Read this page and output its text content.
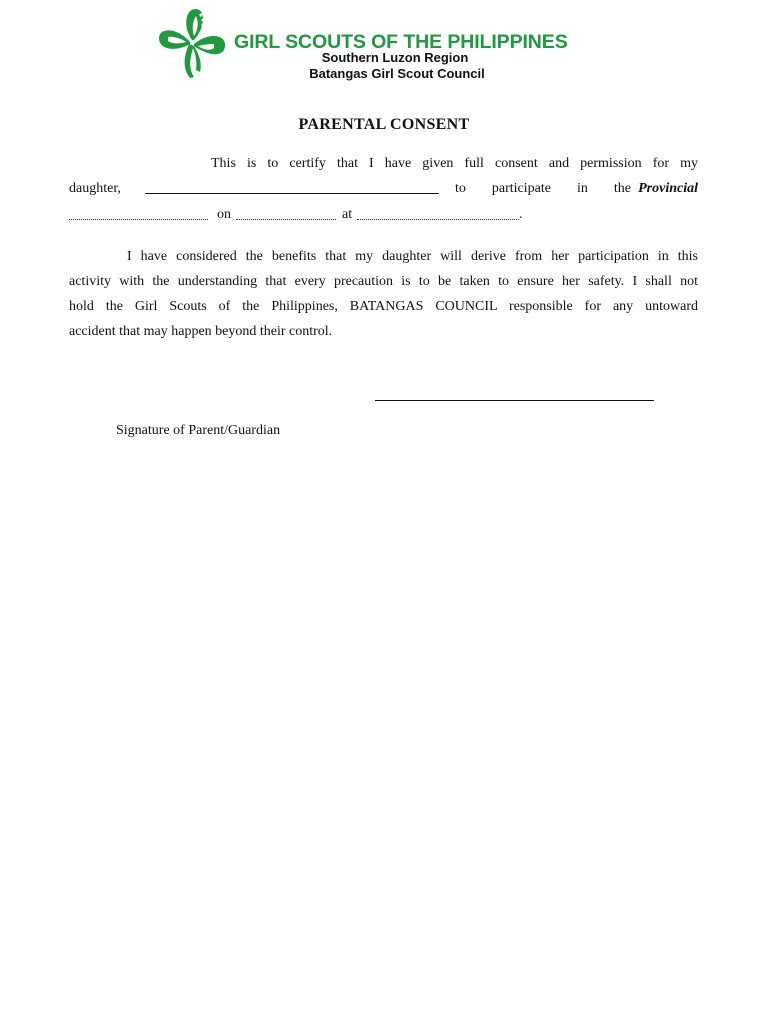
GIRL SCOUTS OF THE PHILIPPINES
Southern Luzon Region
Batangas Girl Scout Council
PARENTAL CONSENT
This is to certify that I have given full consent and permission for my
daughter,	to participate in the Provincial
on	at	.
I have considered the benefits that my daughter will derive from her participation in this
activity with the understanding that every precaution is to be taken to ensure her safety. I shall not
hold the Girl Scouts of the Philippines, BATANGAS COUNCIL responsible for any untoward
accident that may happen beyond their control.
Signature of Parent/Guardian
